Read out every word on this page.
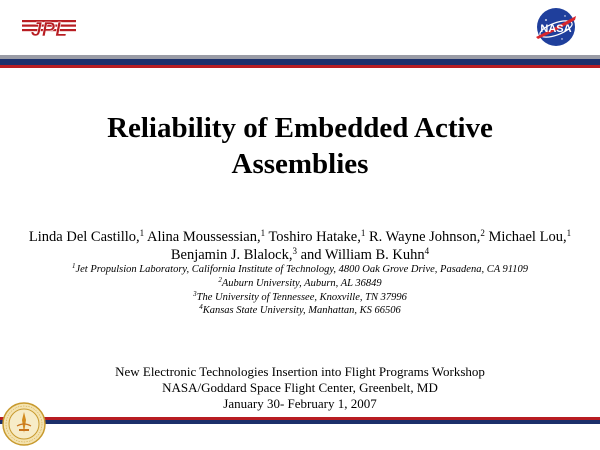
JPL	NASA
Reliability of Embedded Active
Assemblies
Linda Del Castillo,$^1$ Alina Moussessian,$^1$ Toshiro Hatake,$^1$ R. Wayne Johnson,$^2$ Michael Lou,$^1$
Benjamin J. Blalock,$^3$ and William B. Kuhn$^4$
$^1$Jet Propulsion Laboratory, California Institute of Technology, 4800 Oak Grove Drive, Pasadena, CA 91109
$^2$Auburn University, Auburn, AL 36849
$^3$The University of Tennessee, Knoxville, TN 37996
$^4$Kansas State University, Manhattan, KS 66506
New Electronic Technologies Insertion into Flight Programs Workshop
NASA/Goddard Space Flight Center, Greenbelt, MD
January 30- February 1, 2007
